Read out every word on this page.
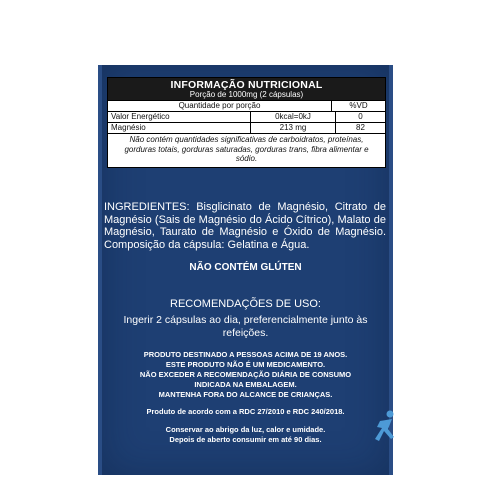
INFORMAÇÃO NUTRICIONAL
Porção de 1000mg (2 cápsulas)
Quantidade por porção	%VD
Valor Energético	0kcal=0kJ	0
Magnésio	213 mg	82
Não contém quantidades significativas de carboidratos, proteínas, gorduras totais, gorduras saturadas, gorduras trans, fibra alimentar e sódio.
INGREDIENTES: Bisglicinato de Magnésio, Citrato de Magnésio (Sais de Magnésio do Ácido Cítrico), Malato de Magnésio, Taurato de Magnésio e Óxido de Magnésio. Composição da cápsula: Gelatina e Água.
NÃO CONTÉM GLÚTEN
RECOMENDAÇÕES DE USO:
Ingerir 2 cápsulas ao dia, preferencialmente junto às refeições.
PRODUTO DESTINADO A PESSOAS ACIMA DE 19 ANOS.
ESTE PRODUTO NÃO É UM MEDICAMENTO.
NÃO EXCEDER A RECOMENDAÇÃO DIÁRIA DE CONSUMO
INDICADA NA EMBALAGEM.
MANTENHA FORA DO ALCANCE DE CRIANÇAS.
Produto de acordo com a RDC 27/2010 e RDC 240/2018.
Conservar ao abrigo da luz, calor e umidade.
Depois de aberto consumir em até 90 dias.
